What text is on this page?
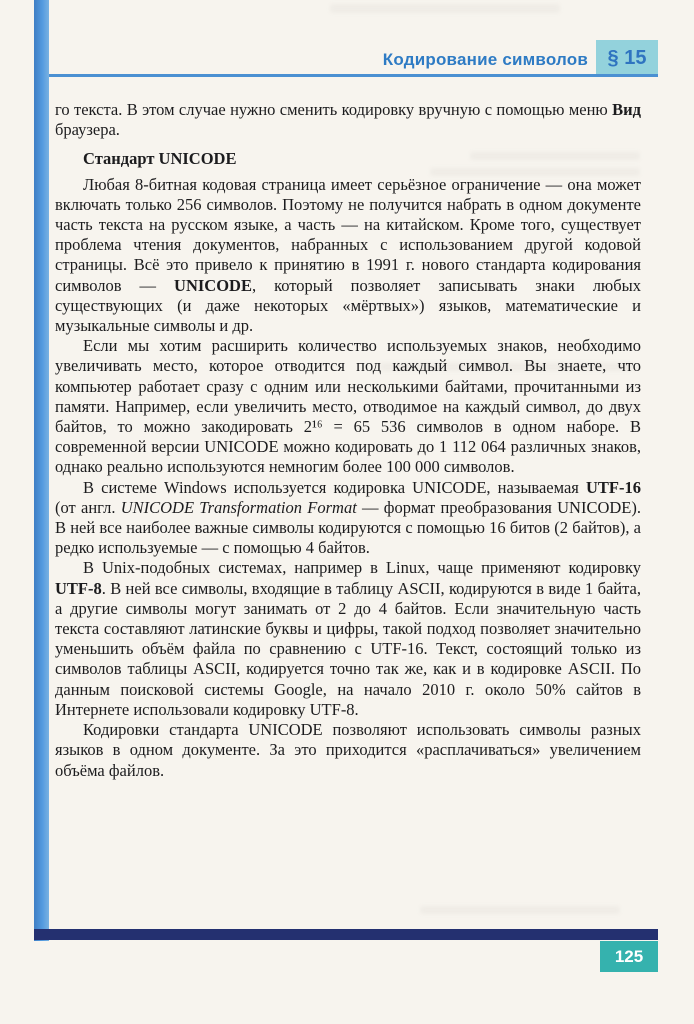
Кодирование символов § 15

го текста. В этом случае нужно сменить кодировку вручную с помощью меню Вид браузера.

Стандарт UNICODE

Любая 8-битная кодовая страница имеет серьёзное ограничение — она может включать только 256 символов. Поэтому не получится набрать в одном документе часть текста на русском языке, а часть — на китайском. Кроме того, существует проблема чтения документов, набранных с использованием другой кодовой страницы. Всё это привело к принятию в 1991 г. нового стандарта кодирования символов — UNICODE, который позволяет записывать знаки любых существующих (и даже некоторых «мёртвых») языков, математические и музыкальные символы и др.

Если мы хотим расширить количество используемых знаков, необходимо увеличивать место, которое отводится под каждый символ. Вы знаете, что компьютер работает сразу с одним или несколькими байтами, прочитанными из памяти. Например, если увеличить место, отводимое на каждый символ, до двух байтов, то можно закодировать 2¹⁶ = 65 536 символов в одном наборе. В современной версии UNICODE можно кодировать до 1 112 064 различных знаков, однако реально используются немногим более 100 000 символов.

В системе Windows используется кодировка UNICODE, называемая UTF-16 (от англ. UNICODE Transformation Format — формат преобразования UNICODE). В ней все наиболее важные символы кодируются с помощью 16 битов (2 байтов), а редко используемые — с помощью 4 байтов.

В Unix-подобных системах, например в Linux, чаще применяют кодировку UTF-8. В ней все символы, входящие в таблицу ASCII, кодируются в виде 1 байта, а другие символы могут занимать от 2 до 4 байтов. Если значительную часть текста составляют латинские буквы и цифры, такой подход позволяет значительно уменьшить объём файла по сравнению с UTF-16. Текст, состоящий только из символов таблицы ASCII, кодируется точно так же, как и в кодировке ASCII. По данным поисковой системы Google, на начало 2010 г. около 50% сайтов в Интернете использовали кодировку UTF-8.

Кодировки стандарта UNICODE позволяют использовать символы разных языков в одном документе. За это приходится «расплачиваться» увеличением объёма файлов.

125
